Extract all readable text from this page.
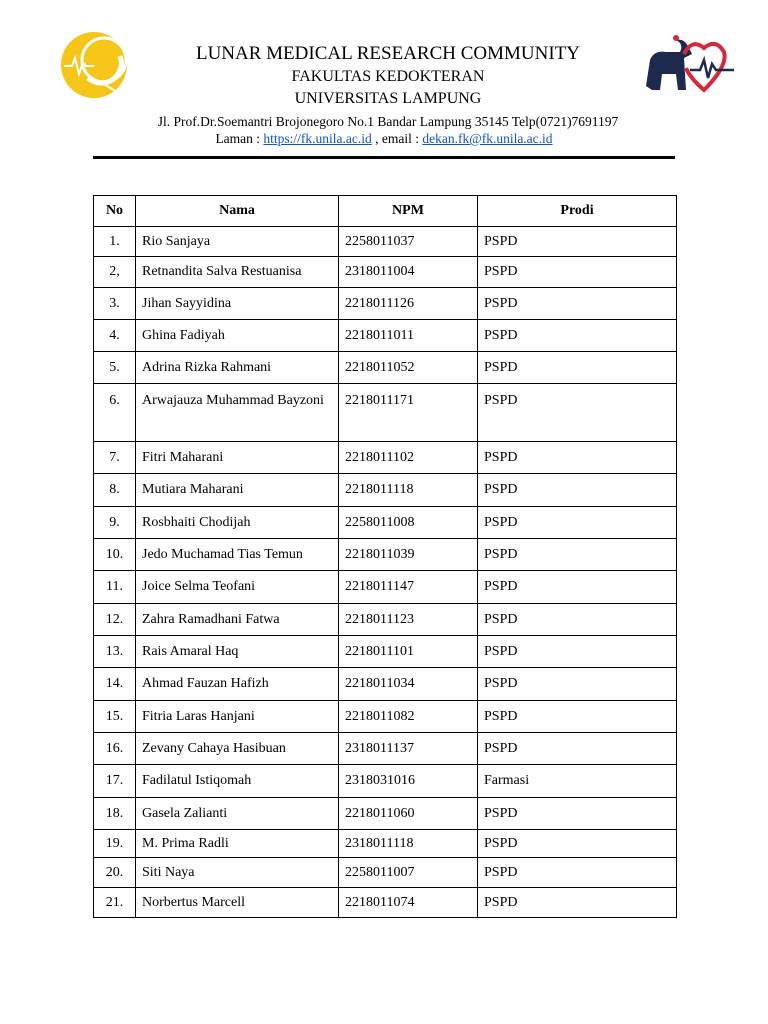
LUNAR MEDICAL RESEARCH COMMUNITY
FAKULTAS KEDOKTERAN
UNIVERSITAS LAMPUNG
Jl. Prof.Dr.Soemantri Brojonegoro No.1 Bandar Lampung 35145 Telp(0721)7691197
Laman : https://fk.unila.ac.id , email : dekan.fk@fk.unila.ac.id
No	Nama	NPM	Prodi
1.	Rio Sanjaya	2258011037	PSPD
2,	Retnandita Salva Restuanisa	2318011004	PSPD
3.	Jihan Sayyidina	2218011126	PSPD
4.	Ghina Fadiyah	2218011011	PSPD
5.	Adrina Rizka Rahmani	2218011052	PSPD
6.	Arwajauza Muhammad Bayzoni	2218011171	PSPD
7.	Fitri Maharani	2218011102	PSPD
8.	Mutiara Maharani	2218011118	PSPD
9.	Rosbhaiti Chodijah	2258011008	PSPD
10.	Jedo Muchamad Tias Temun	2218011039	PSPD
11.	Joice Selma Teofani	2218011147	PSPD
12.	Zahra Ramadhani Fatwa	2218011123	PSPD
13.	Rais Amaral Haq	2218011101	PSPD
14.	Ahmad Fauzan Hafizh	2218011034	PSPD
15.	Fitria Laras Hanjani	2218011082	PSPD
16.	Zevany Cahaya Hasibuan	2318011137	PSPD
17.	Fadilatul Istiqomah	2318031016	Farmasi
18.	Gasela Zalianti	2218011060	PSPD
19.	M. Prima Radli	2318011118	PSPD
20.	Siti Naya	2258011007	PSPD
21.	Norbertus Marcell	2218011074	PSPD
